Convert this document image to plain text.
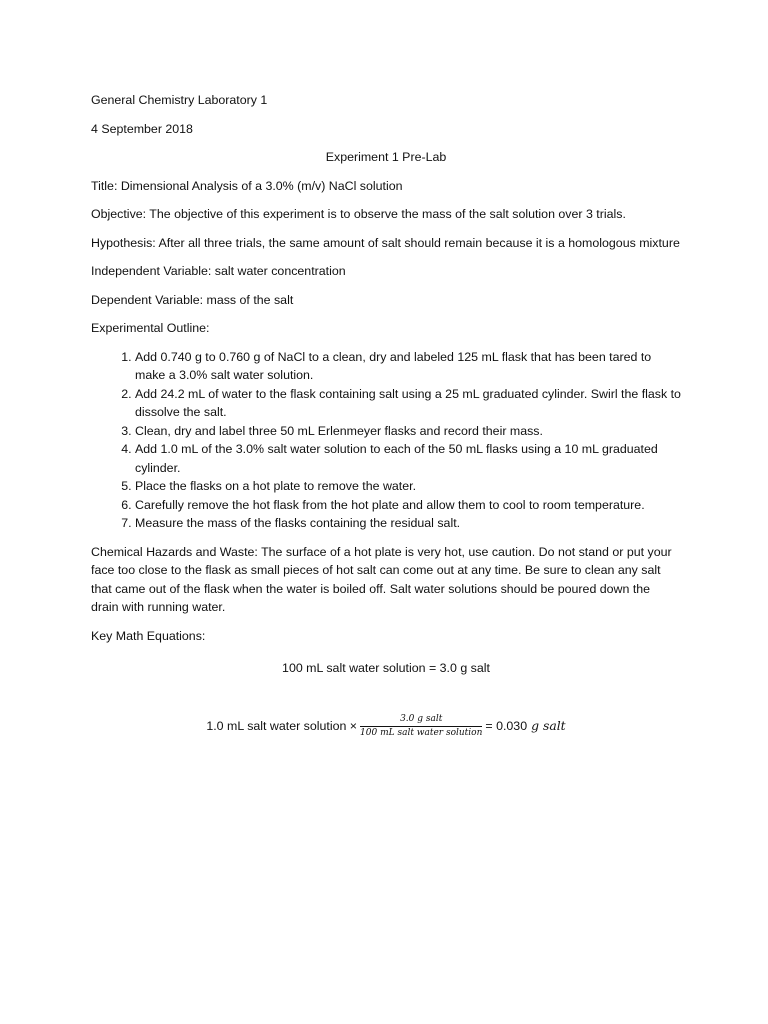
General Chemistry Laboratory 1

4 September 2018

Experiment 1 Pre-Lab

Title: Dimensional Analysis of a 3.0% (m/v) NaCl solution

Objective: The objective of this experiment is to observe the mass of the salt solution over 3 trials.

Hypothesis: After all three trials, the same amount of salt should remain because it is a homologous mixture

Independent Variable: salt water concentration

Dependent Variable: mass of the salt

Experimental Outline:

1. Add 0.740 g to 0.760 g of NaCl to a clean, dry and labeled 125 mL flask that has been tared to make a 3.0% salt water solution.
2. Add 24.2 mL of water to the flask containing salt using a 25 mL graduated cylinder. Swirl the flask to dissolve the salt.
3. Clean, dry and label three 50 mL Erlenmeyer flasks and record their mass.
4. Add 1.0 mL of the 3.0% salt water solution to each of the 50 mL flasks using a 10 mL graduated cylinder.
5. Place the flasks on a hot plate to remove the water.
6. Carefully remove the hot flask from the hot plate and allow them to cool to room temperature.
7. Measure the mass of the flasks containing the residual salt.

Chemical Hazards and Waste: The surface of a hot plate is very hot, use caution. Do not stand or put your face too close to the flask as small pieces of hot salt can come out at any time. Be sure to clean any salt that came out of the flask when the water is boiled off. Salt water solutions should be poured down the drain with running water.

Key Math Equations:

100 mL salt water solution = 3.0 g salt

1.0 mL salt water solution × $\frac{\text{3.0 g salt}}{\text{100 mL salt water solution}} = 0.030$ g salt
